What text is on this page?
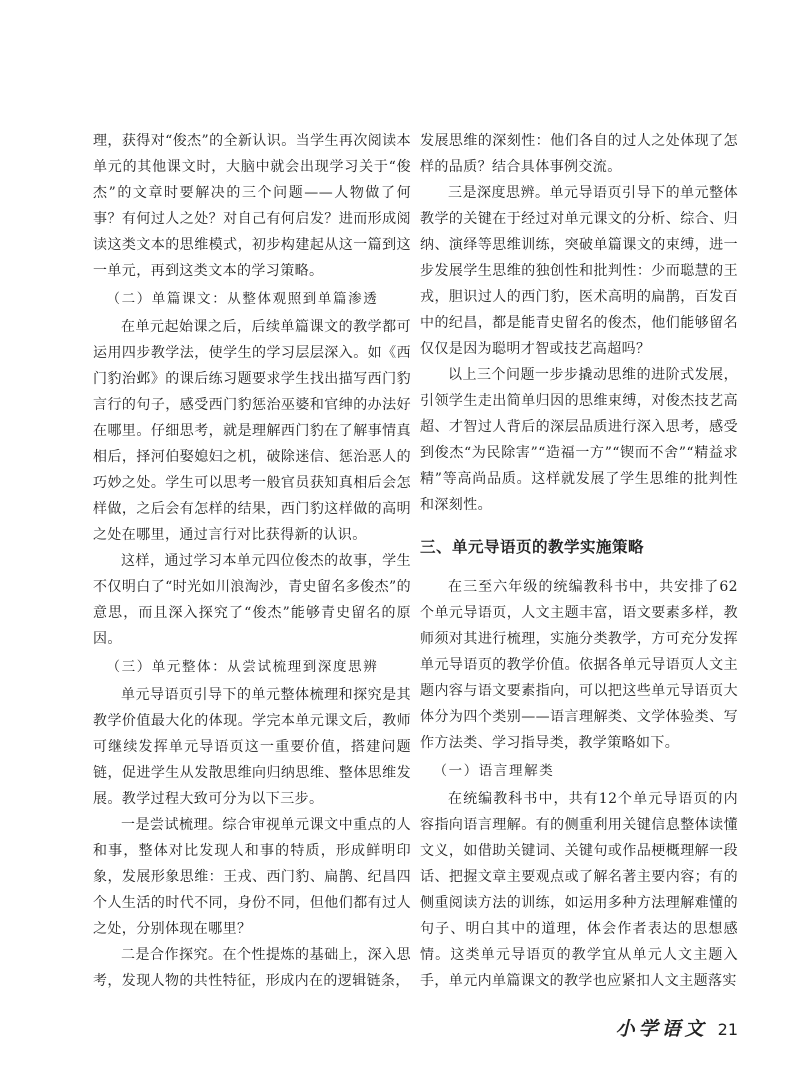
理，获得对“俊杰”的全新认识。当学生再次阅读本单元的其他课文时，大脑中就会出现学习关于“俊杰”的文章时要解决的三个问题——人物做了何事？有何过人之处？对自己有何启发？进而形成阅读这类文本的思维模式，初步构建起从这一篇到这一单元，再到这类文本的学习策略。

（二）单篇课文：从整体观照到单篇渗透

在单元起始课之后，后续单篇课文的教学都可运用四步教学法，使学生的学习层层深入。如《西门豹治邺》的课后练习题要求学生找出描写西门豹言行的句子，感受西门豹惩治巫婆和官绅的办法好在哪里。仔细思考，就是理解西门豹在了解事情真相后，择河伯娶媳妇之机，破除迷信、惩治恶人的巧妙之处。学生可以思考一般官员获知真相后会怎样做，之后会有怎样的结果，西门豹这样做的高明之处在哪里，通过言行对比获得新的认识。

这样，通过学习本单元四位俊杰的故事，学生不仅明白了“时光如川浪淘沙，青史留名多俊杰”的意思，而且深入探究了“俊杰”能够青史留名的原因。

（三）单元整体：从尝试梳理到深度思辨

单元导语页引导下的单元整体梳理和探究是其教学价值最大化的体现。学完本单元课文后，教师可继续发挥单元导语页这一重要价值，搭建问题链，促进学生从发散思维向归纳思维、整体思维发展。教学过程大致可分为以下三步。

一是尝试梳理。综合审视单元课文中重点的人和事，整体对比发现人和事的特质，形成鲜明印象，发展形象思维：王戎、西门豹、扁鹊、纪昌四个人生活的时代不同，身份不同，但他们都有过人之处，分别体现在哪里？

二是合作探究。在个性提炼的基础上，深入思考，发现人物的共性特征，形成内在的逻辑链条，

发展思维的深刻性：他们各自的过人之处体现了怎样的品质？结合具体事例交流。

三是深度思辨。单元导语页引导下的单元整体教学的关键在于经过对单元课文的分析、综合、归纳、演绎等思维训练，突破单篇课文的束缚，进一步发展学生思维的独创性和批判性：少而聪慧的王戎，胆识过人的西门豹，医术高明的扁鹊，百发百中的纪昌，都是能青史留名的俊杰，他们能够留名仅仅是因为聪明才智或技艺高超吗？

以上三个问题一步步撬动思维的进阶式发展，引领学生走出简单归因的思维束缚，对俊杰技艺高超、才智过人背后的深层品质进行深入思考，感受到俊杰“为民除害”“造福一方”“锲而不舍”“精益求精”等高尚品质。这样就发展了学生思维的批判性和深刻性。

三、单元导语页的教学实施策略

在三至六年级的统编教科书中，共安排了62个单元导语页，人文主题丰富，语文要素多样，教师须对其进行梳理，实施分类教学，方可充分发挥单元导语页的教学价值。依据各单元导语页人文主题内容与语文要素指向，可以把这些单元导语页大体分为四个类别——语言理解类、文学体验类、写作方法类、学习指导类，教学策略如下。

（一）语言理解类

在统编教科书中，共有12个单元导语页的内容指向语言理解。有的侧重利用关键信息整体读懂文义，如借助关键词、关键句或作品梗概理解一段话、把握文章主要观点或了解名著主要内容；有的侧重阅读方法的训练，如运用多种方法理解难懂的句子、明白其中的道理，体会作者表达的思想感情。这类单元导语页的教学宜从单元人文主题入手，单元内单篇课文的教学也应紧扣人文主题落实

小学语文 21
